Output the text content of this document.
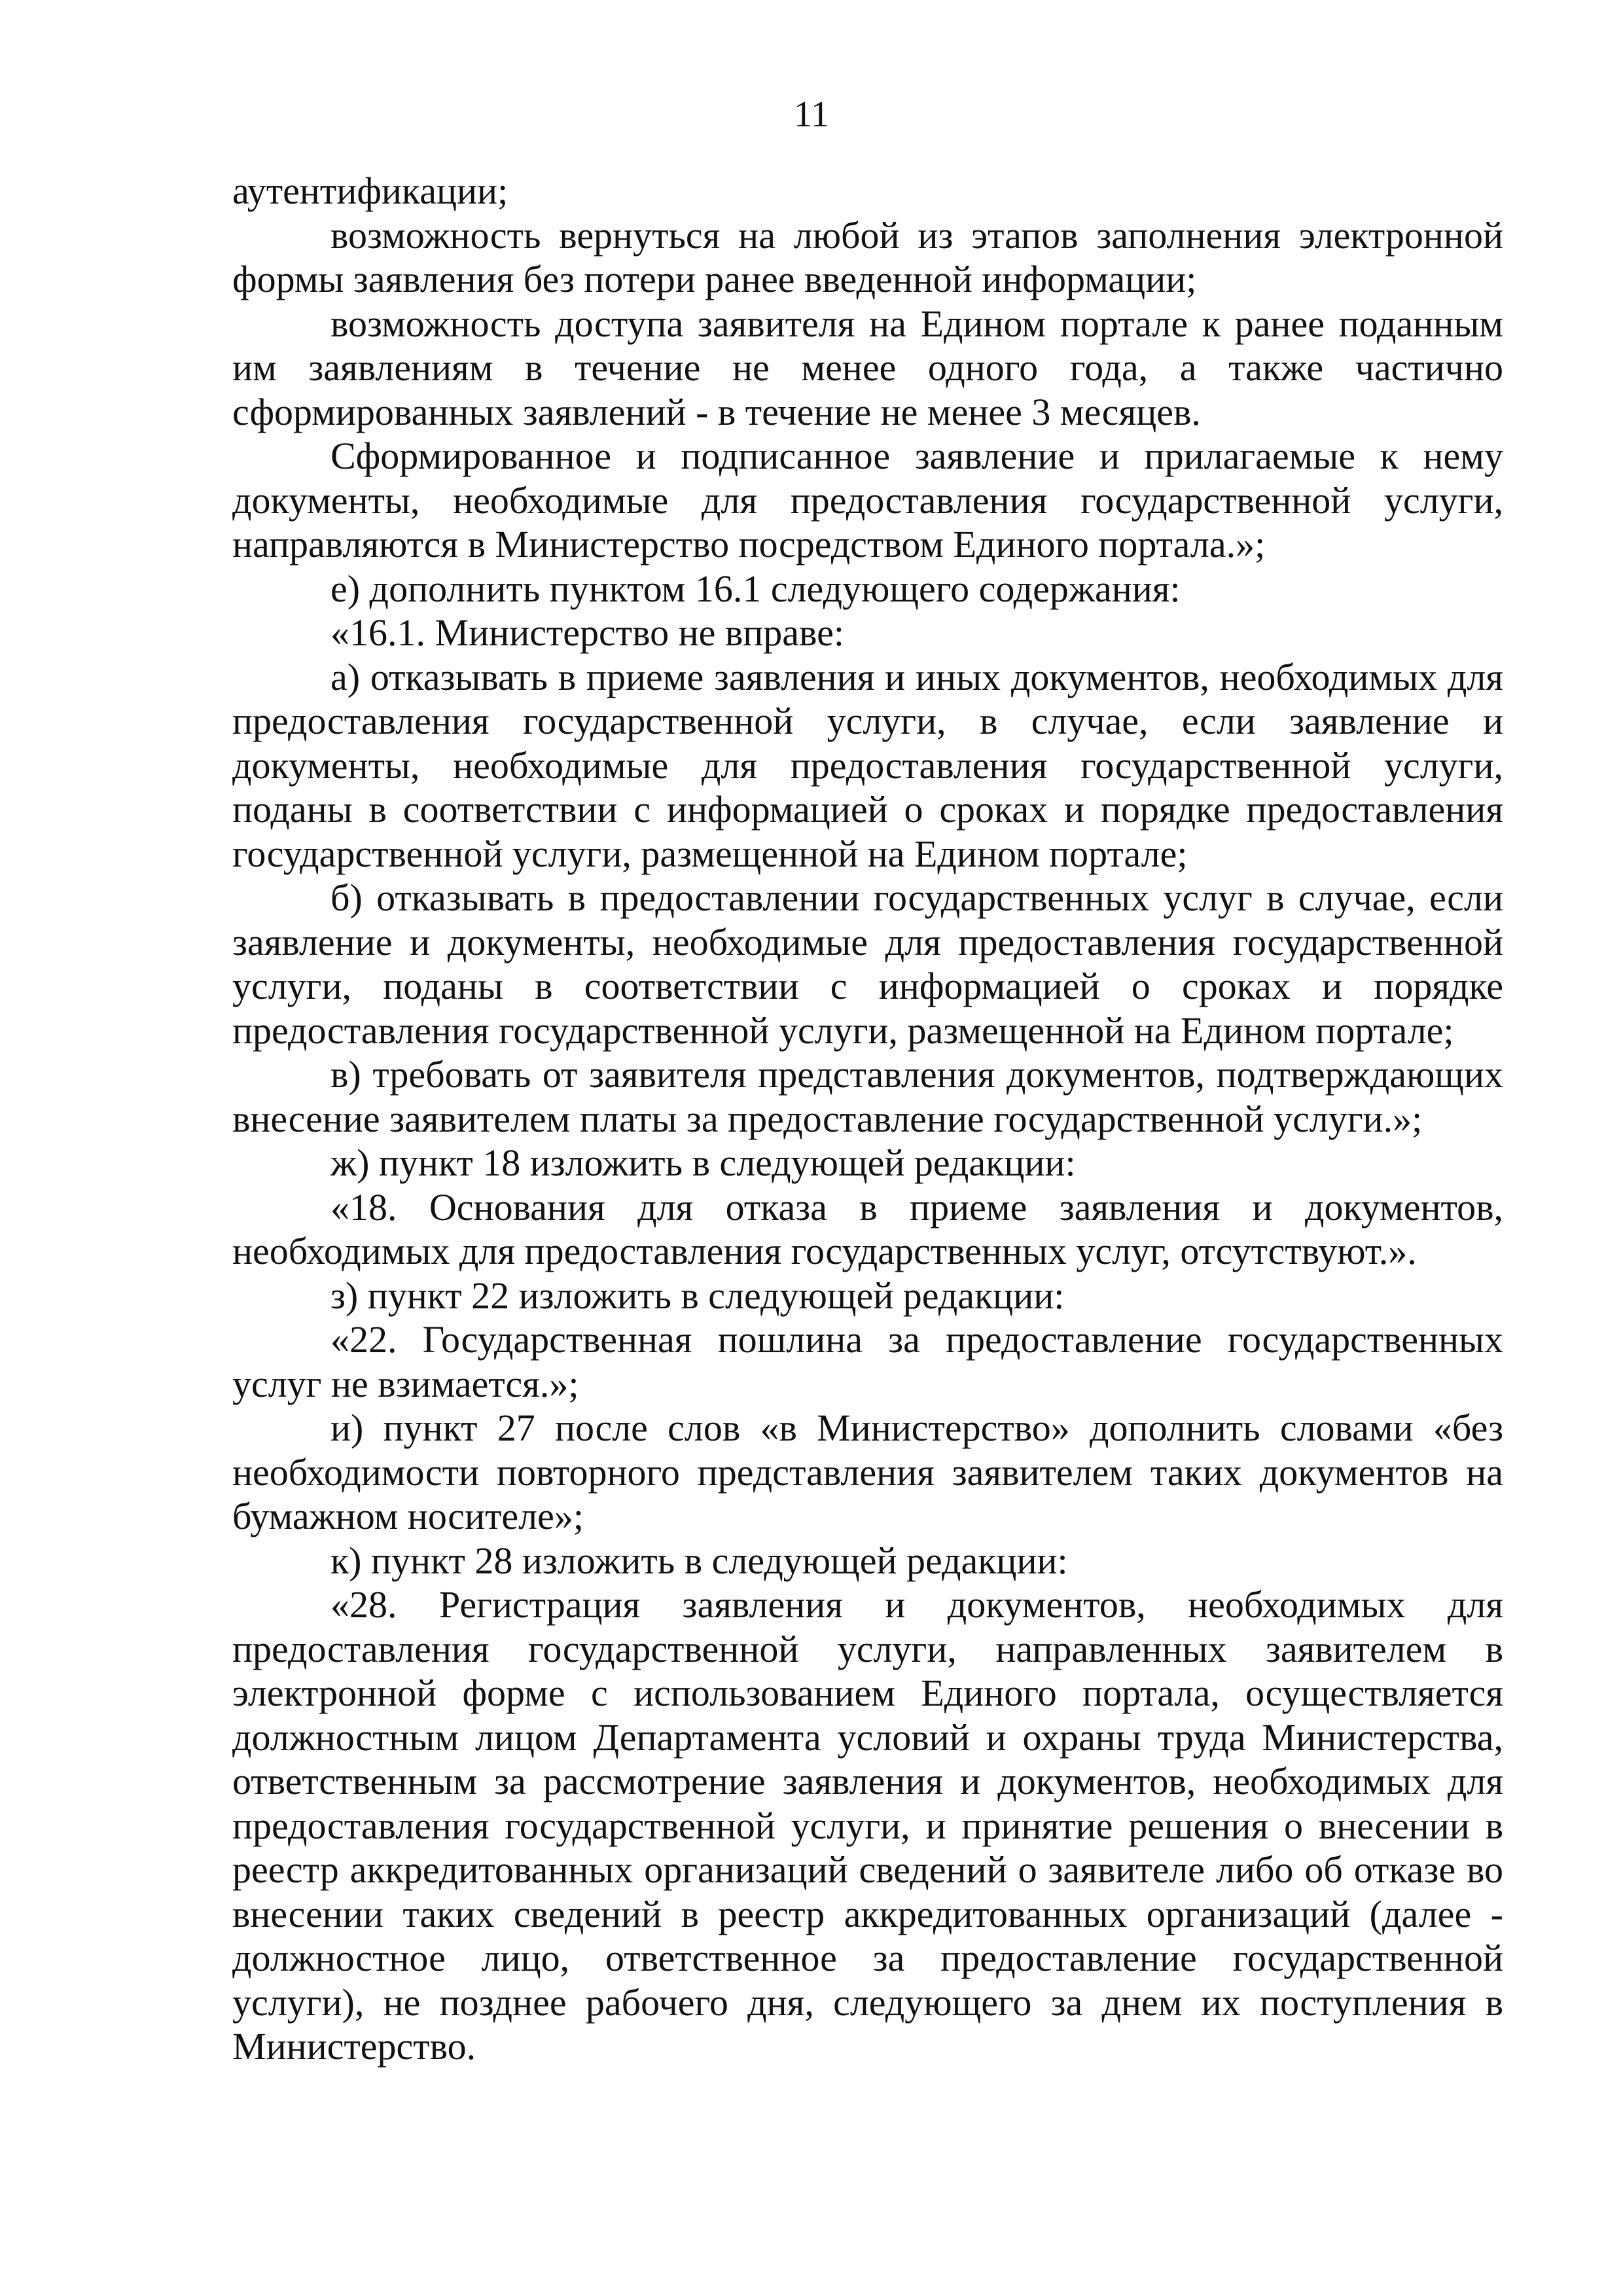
11

аутентификации;

возможность вернуться на любой из этапов заполнения электронной формы заявления без потери ранее введенной информации;

возможность доступа заявителя на Едином портале к ранее поданным им заявлениям в течение не менее одного года, а также частично сформированных заявлений - в течение не менее 3 месяцев.

Сформированное и подписанное заявление и прилагаемые к нему документы, необходимые для предоставления государственной услуги, направляются в Министерство посредством Единого портала.»;

е) дополнить пунктом 16.1 следующего содержания:

«16.1. Министерство не вправе:

а) отказывать в приеме заявления и иных документов, необходимых для предоставления государственной услуги, в случае, если заявление и документы, необходимые для предоставления государственной услуги, поданы в соответствии с информацией о сроках и порядке предоставления государственной услуги, размещенной на Едином портале;

б) отказывать в предоставлении государственных услуг в случае, если заявление и документы, необходимые для предоставления государственной услуги, поданы в соответствии с информацией о сроках и порядке предоставления государственной услуги, размещенной на Едином портале;

в) требовать от заявителя представления документов, подтверждающих внесение заявителем платы за предоставление государственной услуги.»;

ж) пункт 18 изложить в следующей редакции:

«18. Основания для отказа в приеме заявления и документов, необходимых для предоставления государственных услуг, отсутствуют.».

з) пункт 22 изложить в следующей редакции:

«22. Государственная пошлина за предоставление государственных услуг не взимается.»;

и) пункт 27 после слов «в Министерство» дополнить словами «без необходимости повторного представления заявителем таких документов на бумажном носителе»;

к) пункт 28 изложить в следующей редакции:

«28. Регистрация заявления и документов, необходимых для предоставления государственной услуги, направленных заявителем в электронной форме с использованием Единого портала, осуществляется должностным лицом Департамента условий и охраны труда Министерства, ответственным за рассмотрение заявления и документов, необходимых для предоставления государственной услуги, и принятие решения о внесении в реестр аккредитованных организаций сведений о заявителе либо об отказе во внесении таких сведений в реестр аккредитованных организаций (далее - должностное лицо, ответственное за предоставление государственной услуги), не позднее рабочего дня, следующего за днем их поступления в Министерство.
